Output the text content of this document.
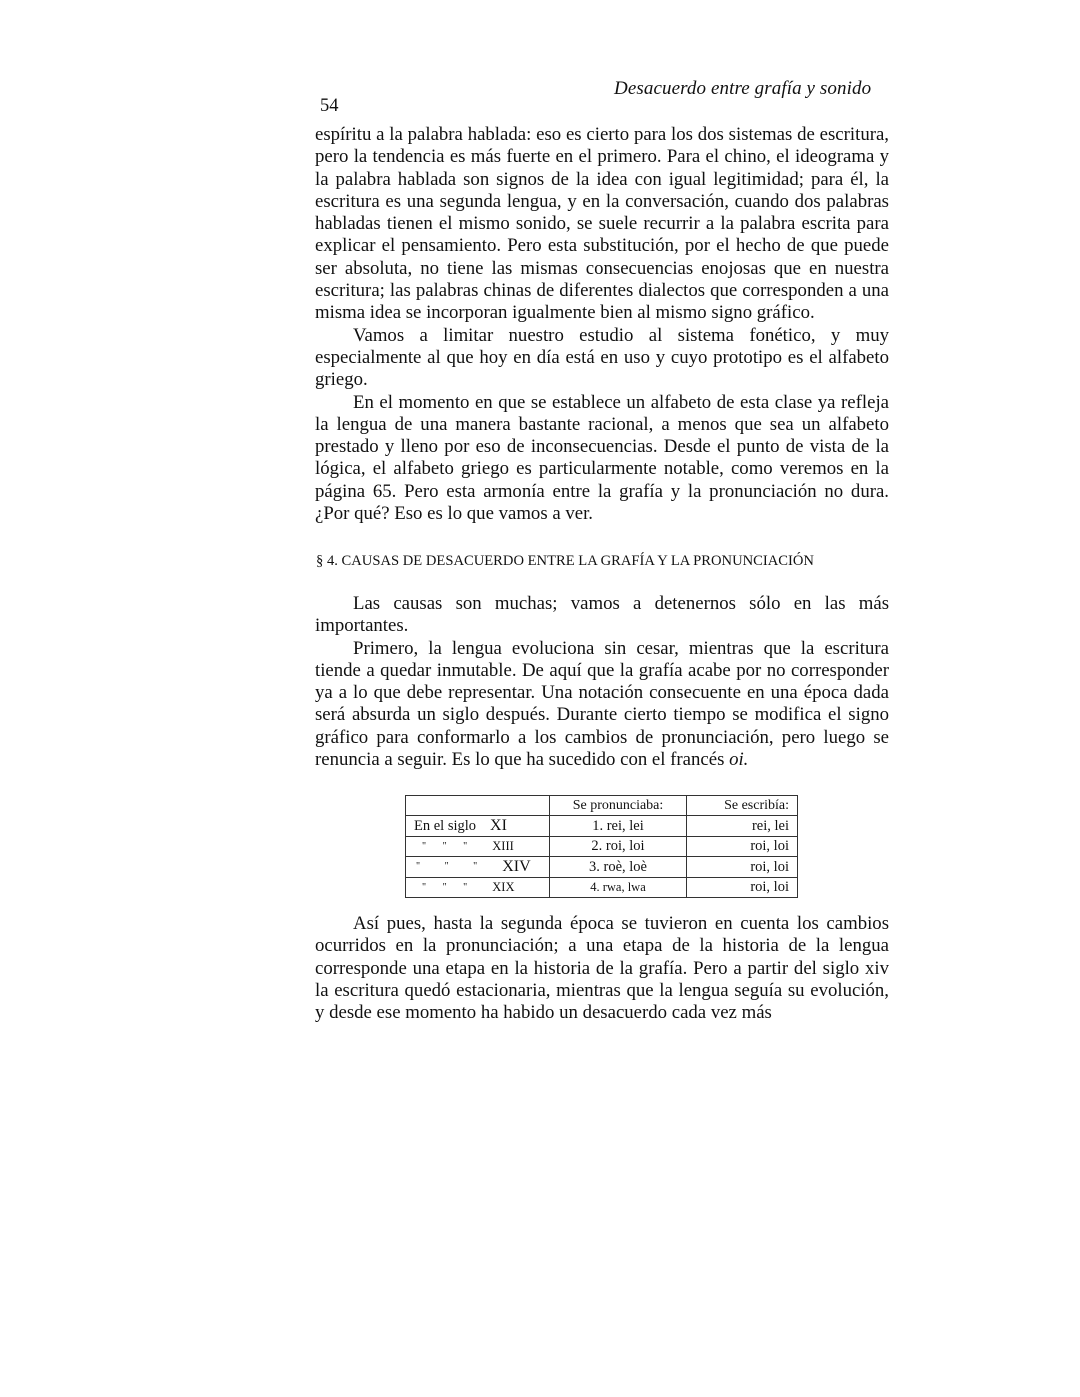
Desacuerdo entre grafía y sonido
54

espíritu a la palabra hablada: eso es cierto para los dos sistemas de escritura, pero la tendencia es más fuerte en el primero. Para el chino, el ideograma y la palabra hablada son signos de la idea con igual legitimidad; para él, la escritura es una segunda lengua, y en la conversación, cuando dos palabras habladas tienen el mismo sonido, se suele recurrir a la palabra escrita para explicar el pensamiento. Pero esta substitución, por el hecho de que puede ser absoluta, no tiene las mismas consecuencias enojosas que en nuestra escritura; las palabras chinas de diferentes dialectos que corresponden a una misma idea se incorporan igualmente bien al mismo signo gráfico.

Vamos a limitar nuestro estudio al sistema fonético, y muy especialmente al que hoy en día está en uso y cuyo prototipo es el alfabeto griego.

En el momento en que se establece un alfabeto de esta clase ya refleja la lengua de una manera bastante racional, a menos que sea un alfabeto prestado y lleno por eso de inconsecuencias. Desde el punto de vista de la lógica, el alfabeto griego es particularmente notable, como veremos en la página 65. Pero esta armonía entre la grafía y la pronunciación no dura. ¿Por qué? Eso es lo que vamos a ver.

§ 4. CAUSAS DE DESACUERDO ENTRE LA GRAFÍA Y LA PRONUNCIACIÓN

Las causas son muchas; vamos a detenernos sólo en las más importantes.

Primero, la lengua evoluciona sin cesar, mientras que la escritura tiende a quedar inmutable. De aquí que la grafía acabe por no corresponder ya a lo que debe representar. Una notación consecuente en una época dada será absurda un siglo después. Durante cierto tiempo se modifica el signo gráfico para conformarlo a los cambios de pronunciación, pero luego se renuncia a seguir. Es lo que ha sucedido con el francés oi.

	Se pronunciaba:	Se escribía:
En el siglo XI	1. rei, lei	rei, lei
" " " XIII	2. roi, loi	roi, loi
" " " XIV	3. roè, loè	roi, loi
" " " XIX	4. rwa, lwa	roi, loi

Así pues, hasta la segunda época se tuvieron en cuenta los cambios ocurridos en la pronunciación; a una etapa de la historia de la lengua corresponde una etapa en la historia de la grafía. Pero a partir del siglo xiv la escritura quedó estacionaria, mientras que la lengua seguía su evolución, y desde ese momento ha habido un desacuerdo cada vez más
